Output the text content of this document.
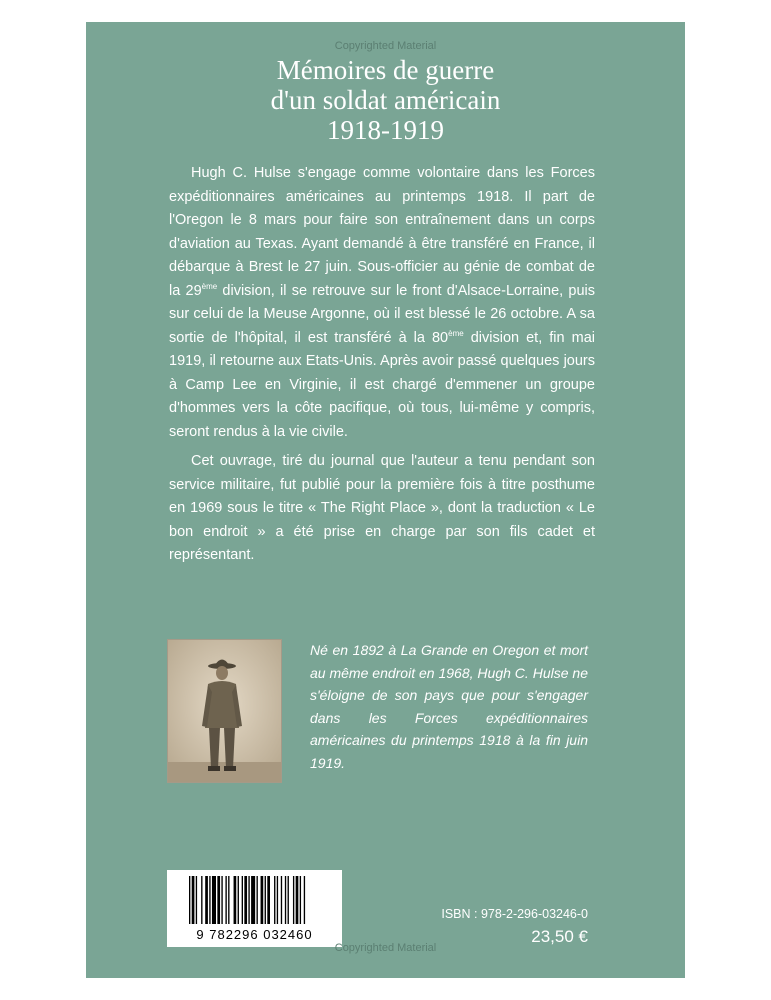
Copyrighted Material
Mémoires de guerre
d'un soldat américain
1918-1919

Hugh C. Hulse s'engage comme volontaire dans les Forces expéditionnaires américaines au printemps 1918. Il part de l'Oregon le 8 mars pour faire son entraînement dans un corps d'aviation au Texas. Ayant demandé à être transféré en France, il débarque à Brest le 27 juin. Sous-officier au génie de combat de la 29ème division, il se retrouve sur le front d'Alsace-Lorraine, puis sur celui de la Meuse Argonne, où il est blessé le 26 octobre. A sa sortie de l'hôpital, il est transféré à la 80ème division et, fin mai 1919, il retourne aux Etats-Unis. Après avoir passé quelques jours à Camp Lee en Virginie, il est chargé d'emmener un groupe d'hommes vers la côte pacifique, où tous, lui-même y compris, seront rendus à la vie civile.

Cet ouvrage, tiré du journal que l'auteur a tenu pendant son service militaire, fut publié pour la première fois à titre posthume en 1969 sous le titre « The Right Place », dont la traduction « Le bon endroit » a été prise en charge par son fils cadet et représentant.

Né en 1892 à La Grande en Oregon et mort au même endroit en 1968, Hugh C. Hulse ne s'éloigne de son pays que pour s'engager dans les Forces expéditionnaires américaines du printemps 1918 à la fin juin 1919.
9 782296 032460
ISBN : 978-2-296-03246-0
23,50 €
Copyrighted Material
